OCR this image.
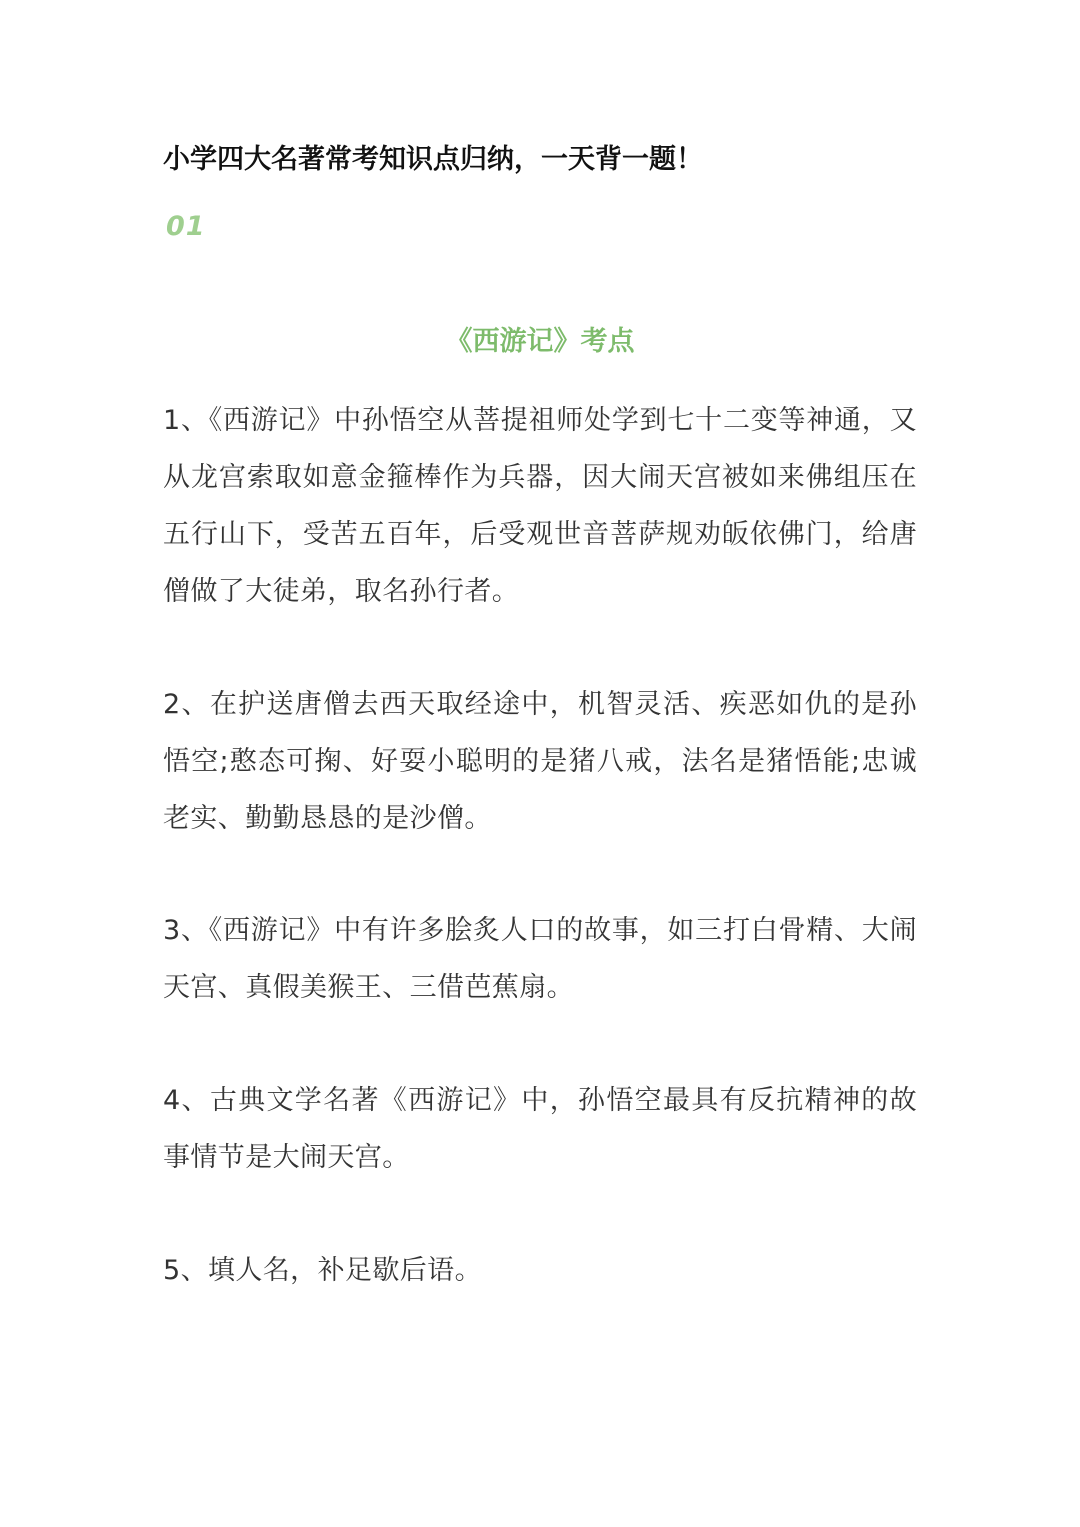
小学四大名著常考知识点归纳，一天背一题！
01
《西游记》考点

1、《西游记》中孙悟空从菩提祖师处学到七十二变等神通，又从龙宫索取如意金箍棒作为兵器，因大闹天宫被如来佛组压在五行山下，受苦五百年，后受观世音菩萨规劝皈依佛门，给唐僧做了大徒弟，取名孙行者。

2、在护送唐僧去西天取经途中，机智灵活、疾恶如仇的是孙悟空;憨态可掬、好耍小聪明的是猪八戒，法名是猪悟能;忠诚老实、勤勤恳恳的是沙僧。

3、《西游记》中有许多脍炙人口的故事，如三打白骨精、大闹天宫、真假美猴王、三借芭蕉扇。

4、古典文学名著《西游记》中，孙悟空最具有反抗精神的故事情节是大闹天宫。

5、填人名，补足歇后语。
